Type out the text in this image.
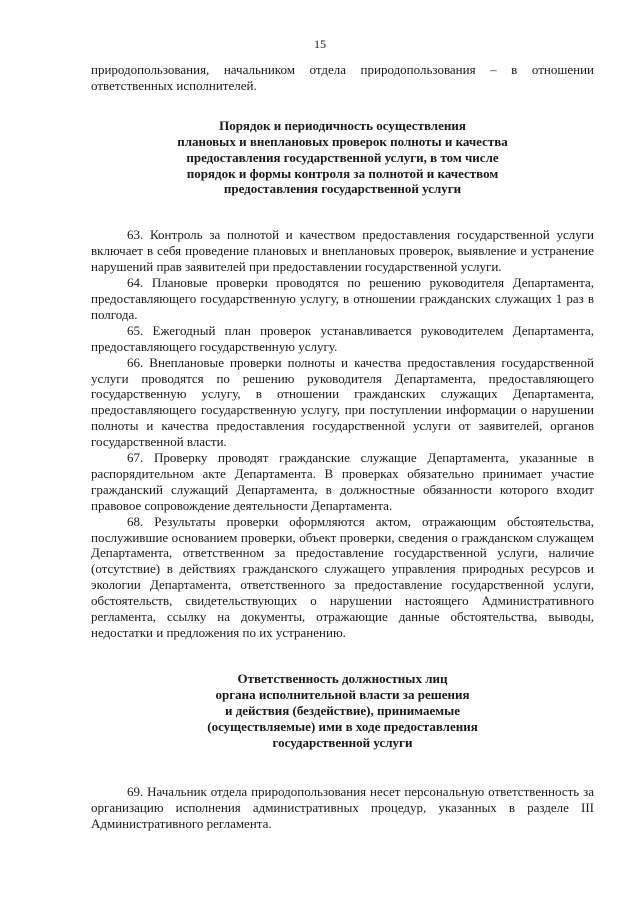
15

природопользования, начальником отдела природопользования – в отношении ответственных исполнителей.

Порядок и периодичность осуществления

плановых и внеплановых проверок полноты и качества

предоставления государственной услуги, в том числе

порядок и формы контроля за полнотой и качеством

предоставления государственной услуги

63. Контроль за полнотой и качеством предоставления государственной услуги включает в себя проведение плановых и внеплановых проверок, выявление и устранение нарушений прав заявителей при предоставлении государственной услуги.

64. Плановые проверки проводятся по решению руководителя Департамента, предоставляющего государственную услугу, в отношении гражданских служащих 1 раз в полгода.

65. Ежегодный план проверок устанавливается руководителем Департамента, предоставляющего государственную услугу.

66. Внеплановые проверки полноты и качества предоставления государственной услуги проводятся по решению руководителя Департамента, предоставляющего государственную услугу, в отношении гражданских служащих Департамента, предоставляющего государственную услугу, при поступлении информации о нарушении полноты и качества предоставления государственной услуги от заявителей, органов государственной власти.

67. Проверку проводят гражданские служащие Департамента, указанные в распорядительном акте Департамента. В проверках обязательно принимает участие гражданский служащий Департамента, в должностные обязанности которого входит правовое сопровождение деятельности Департамента.

68. Результаты проверки оформляются актом, отражающим обстоятельства, послужившие основанием проверки, объект проверки, сведения о гражданском служащем Департамента, ответственном за предоставление государственной услуги, наличие (отсутствие) в действиях гражданского служащего управления природных ресурсов и экологии Департамента, ответственного за предоставление государственной услуги, обстоятельств, свидетельствующих о нарушении настоящего Административного регламента, ссылку на документы, отражающие данные обстоятельства, выводы, недостатки и предложения по их устранению.

Ответственность должностных лиц

органа исполнительной власти за решения

и действия (бездействие), принимаемые

(осуществляемые) ими в ходе предоставления

государственной услуги

69. Начальник отдела природопользования несет персональную ответственность за организацию исполнения административных процедур, указанных в разделе III Административного регламента.
